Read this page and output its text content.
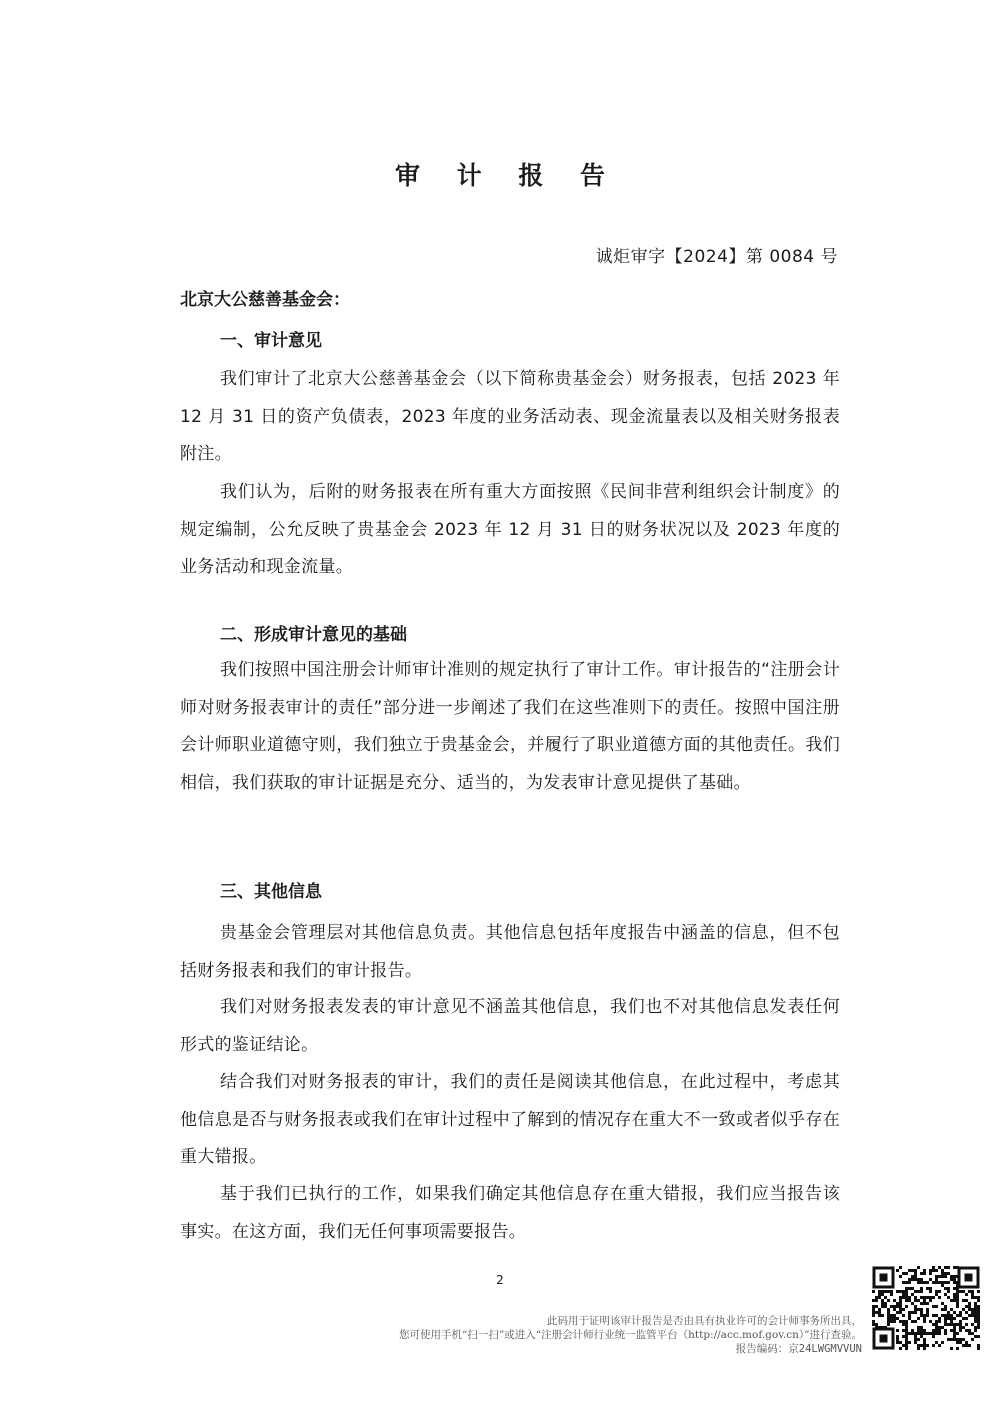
审 计 报 告
诚炬审字【2024】第 0084 号
北京大公慈善基金会：
一、审计意见
我们审计了北京大公慈善基金会（以下简称贵基金会）财务报表，包括 2023 年 12 月 31 日的资产负债表，2023 年度的业务活动表、现金流量表以及相关财务报表附注。
我们认为，后附的财务报表在所有重大方面按照《民间非营利组织会计制度》的规定编制，公允反映了贵基金会 2023 年 12 月 31 日的财务状况以及 2023 年度的业务活动和现金流量。
二、形成审计意见的基础
我们按照中国注册会计师审计准则的规定执行了审计工作。审计报告的“注册会计师对财务报表审计的责任”部分进一步阐述了我们在这些准则下的责任。按照中国注册会计师职业道德守则，我们独立于贵基金会，并履行了职业道德方面的其他责任。我们相信，我们获取的审计证据是充分、适当的，为发表审计意见提供了基础。
三、其他信息
贵基金会管理层对其他信息负责。其他信息包括年度报告中涵盖的信息，但不包括财务报表和我们的审计报告。
我们对财务报表发表的审计意见不涵盖其他信息，我们也不对其他信息发表任何形式的鉴证结论。
结合我们对财务报表的审计，我们的责任是阅读其他信息，在此过程中，考虑其他信息是否与财务报表或我们在审计过程中了解到的情况存在重大不一致或者似乎存在重大错报。
基于我们已执行的工作，如果我们确定其他信息存在重大错报，我们应当报告该事实。在这方面，我们无任何事项需要报告。
2
此码用于证明该审计报告是否由具有执业许可的会计师事务所出具，
您可使用手机“扫一扫”或进入“注册会计师行业统一监管平台（http://acc.mof.gov.cn）”进行查验。
报告编码：京24LWGMVVUN
